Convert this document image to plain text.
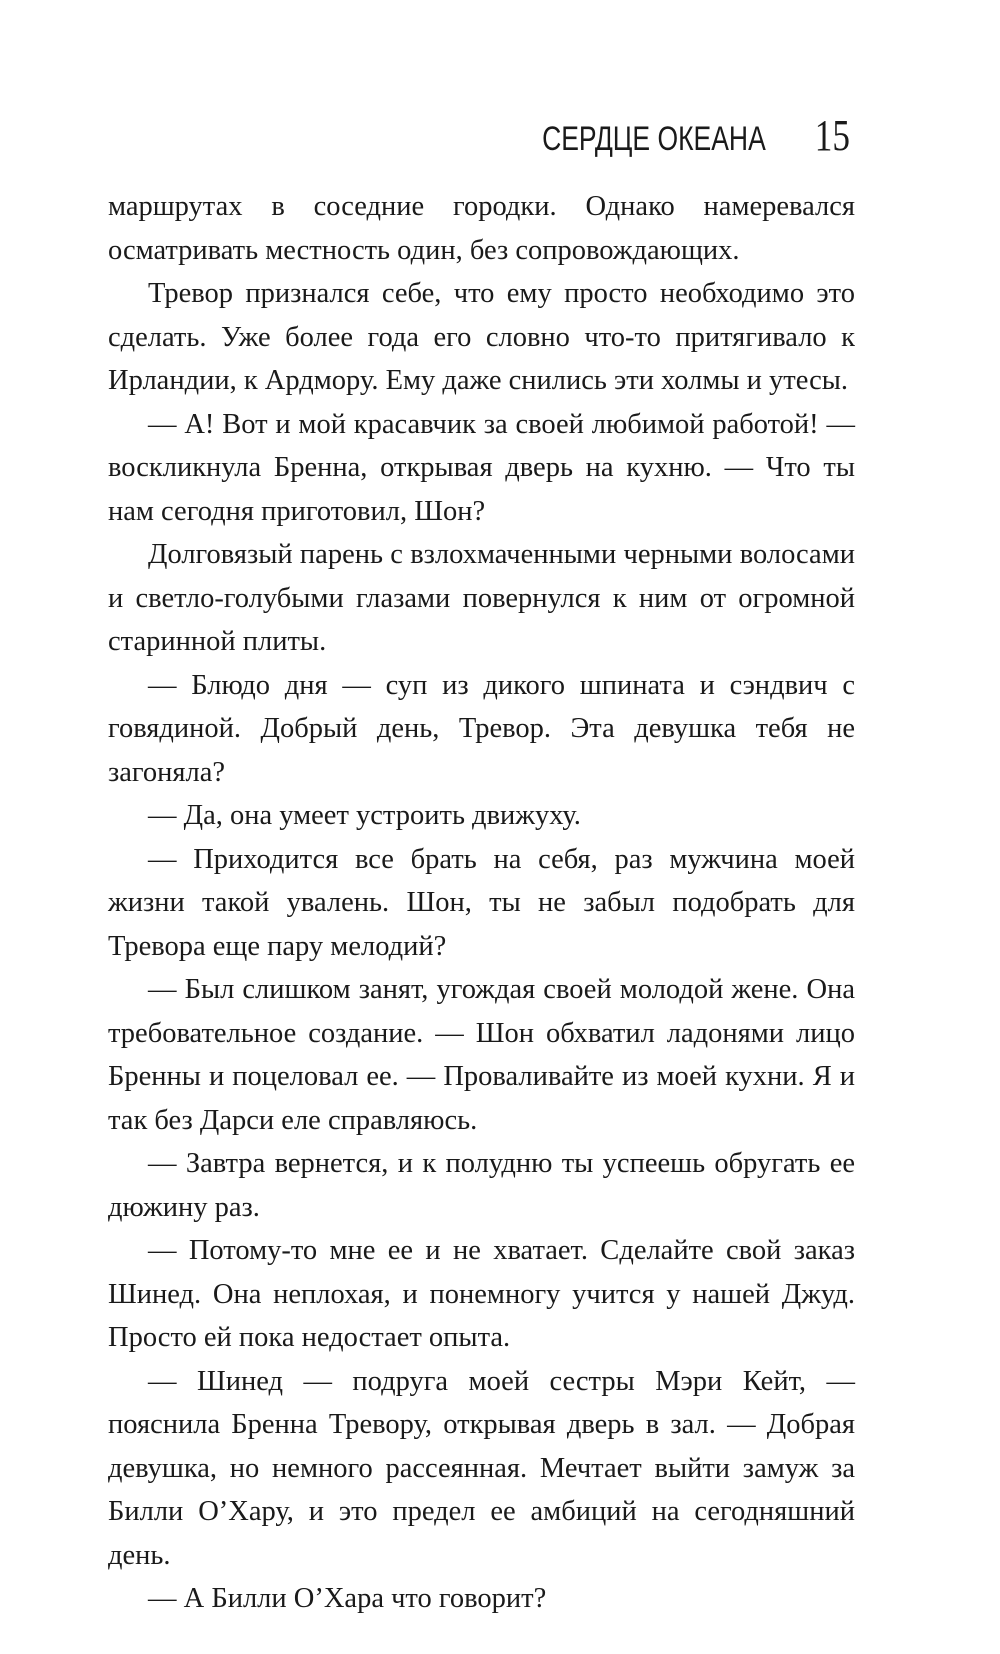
СЕРДЦЕ ОКЕАНА 15

маршрутах в соседние городки. Однако намеревался осматривать местность один, без сопровождающих.

Тревор признался себе, что ему просто необходимо это сделать. Уже более года его словно что-то притягивало к Ирландии, к Ардмору. Ему даже снились эти холмы и утесы.

— А! Вот и мой красавчик за своей любимой работой! — воскликнула Бренна, открывая дверь на кухню. — Что ты нам сегодня приготовил, Шон?

Долговязый парень с взлохмаченными черными волосами и светло-голубыми глазами повернулся к ним от огромной старинной плиты.

— Блюдо дня — суп из дикого шпината и сэндвич с говядиной. Добрый день, Тревор. Эта девушка тебя не загоняла?

— Да, она умеет устроить движуху.

— Приходится все брать на себя, раз мужчина моей жизни такой увалень. Шон, ты не забыл подобрать для Тревора еще пару мелодий?

— Был слишком занят, угождая своей молодой жене. Она требовательное создание. — Шон обхватил ладонями лицо Бренны и поцеловал ее. — Проваливайте из моей кухни. Я и так без Дарси еле справляюсь.

— Завтра вернется, и к полудню ты успеешь обругать ее дюжину раз.

— Потому-то мне ее и не хватает. Сделайте свой заказ Шинед. Она неплохая, и понемногу учится у нашей Джуд. Просто ей пока недостает опыта.

— Шинед — подруга моей сестры Мэри Кейт, — пояснила Бренна Тревору, открывая дверь в зал. — Добрая девушка, но немного рассеянная. Мечтает выйти замуж за Билли О’Хару, и это предел ее амбиций на сегодняшний день.

— А Билли О’Хара что говорит?
